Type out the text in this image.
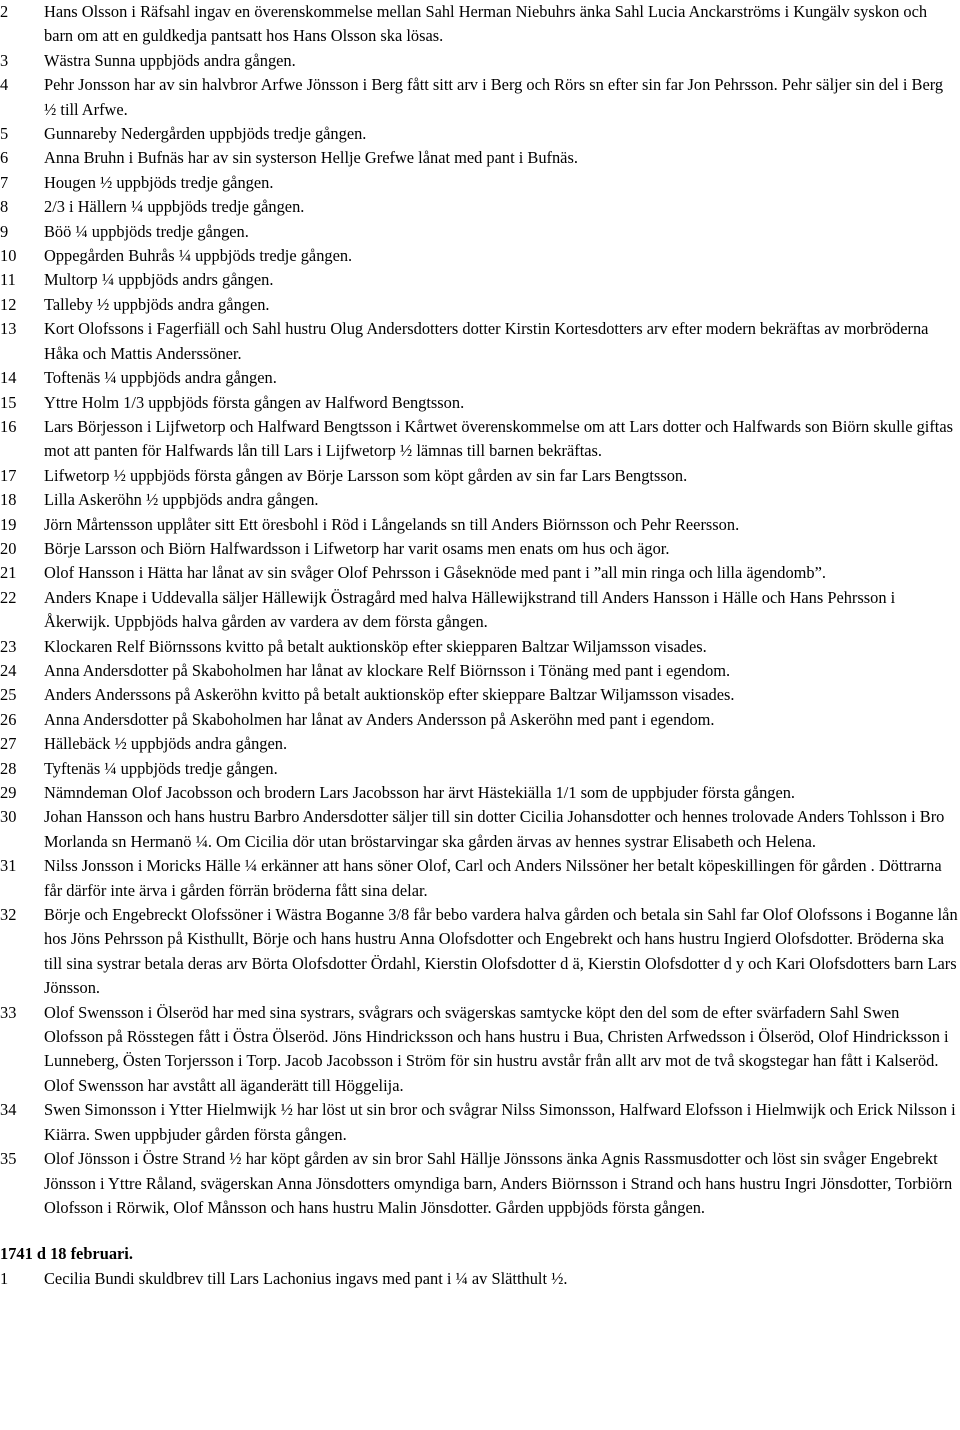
2	Hans Olsson i Räfsahl ingav en överenskommelse mellan Sahl Herman Niebuhrs änka Sahl Lucia Anckarströms i Kungälv syskon och barn om att en guldkedja pantsatt hos Hans Olsson ska lösas.
3	Wästra Sunna uppbjöds andra gången.
4	Pehr Jonsson har av sin halvbror Arfwe Jönsson i Berg fått sitt arv i Berg och Rörs sn efter sin far Jon Pehrsson. Pehr säljer sin del i Berg ½ till Arfwe.
5	Gunnareby Nedergården uppbjöds tredje gången.
6	Anna Bruhn i Bufnäs har av sin systerson Hellje Grefwe lånat med pant i Bufnäs.
7	Hougen ½ uppbjöds tredje gången.
8	2/3 i Hällern ¼ uppbjöds tredje gången.
9	Böö ¼ uppbjöds tredje gången.
10	Oppegården Buhrås ¼ uppbjöds tredje gången.
11	Multorp ¼ uppbjöds andrs gången.
12	Talleby ½ uppbjöds andra gången.
13	Kort Olofssons i Fagerfiäll och Sahl hustru Olug Andersdotters dotter Kirstin Kortesdotters arv efter modern bekräftas av morbröderna Håka och Mattis Anderssöner.
14	Toftenäs ¼ uppbjöds andra gången.
15	Yttre Holm 1/3 uppbjöds första gången av Halfword Bengtsson.
16	Lars Börjesson i Lijfwetorp och Halfward Bengtsson i Kårtwet överenskommelse om att Lars dotter och Halfwards son Biörn skulle giftas mot att panten för Halfwards lån till Lars i Lijfwetorp ½ lämnas till barnen bekräftas.
17	Lifwetorp ½ uppbjöds första gången av Börje Larsson som köpt gården av sin far Lars Bengtsson.
18	Lilla Askeröhn ½ uppbjöds andra gången.
19	Jörn Mårtensson upplåter sitt Ett öresbohl i Röd i Långelands sn till Anders Biörnsson och Pehr Reersson.
20	Börje Larsson och Biörn Halfwardsson i Lifwetorp har varit osams men enats om hus och ägor.
21	Olof Hansson i Hätta har lånat av sin svåger Olof Pehrsson i Gåseknöde med pant i ”all min ringa och lilla ägendomb”.
22	Anders Knape i Uddevalla säljer Hällewijk Östragård med halva Hällewijkstrand till Anders Hansson i Hälle och Hans Pehrsson i Åkerwijk. Uppbjöds halva gården av vardera av dem första gången.
23	Klockaren Relf Biörnssons kvitto på betalt auktionsköp efter skiepparen Baltzar Wiljamsson visades.
24	Anna Andersdotter på Skaboholmen har lånat av klockare Relf Biörnsson i Tönäng med pant i egendom.
25	Anders Anderssons på Askeröhn kvitto på betalt auktionsköp efter skieppare Baltzar Wiljamsson visades.
26	Anna Andersdotter på Skaboholmen har lånat av Anders Andersson på Askeröhn med pant i egendom.
27	Hällebäck ½ uppbjöds andra gången.
28	Tyftenäs ¼ uppbjöds tredje gången.
29	Nämndeman Olof Jacobsson och brodern Lars Jacobsson har ärvt Hästekiälla 1/1 som de uppbjuder första gången.
30	Johan Hansson och hans hustru Barbro Andersdotter säljer till sin dotter Cicilia Johansdotter och hennes trolovade Anders Tohlsson i Bro Morlanda sn Hermanö ¼. Om Cicilia dör utan bröstarvingar ska gården ärvas av hennes systrar Elisabeth och Helena.
31	Nilss Jonsson i Moricks Hälle ¼ erkänner att hans söner Olof, Carl och Anders Nilssöner her betalt köpeskillingen för gården . Döttrarna får därför inte ärva i gården förrän bröderna fått sina delar.
32	Börje och Engebreckt Olofssöner i Wästra Boganne 3/8 får bebo vardera halva gården och betala sin Sahl far Olof Olofssons i Boganne lån hos Jöns Pehrsson på Kisthullt, Börje och hans hustru Anna Olofsdotter och Engebrekt och hans hustru Ingierd Olofsdotter. Bröderna ska till sina systrar betala deras arv Börta Olofsdotter Ördahl, Kierstin Olofsdotter d ä, Kierstin Olofsdotter d y och Kari Olofsdotters barn Lars Jönsson.
33	Olof Swensson i Ölseröd har med sina systrars, svågrars och svägerskas samtycke köpt den del som de efter svärfadern Sahl Swen Olofsson på Rösstegen fått i Östra Ölseröd. Jöns Hindricksson och hans hustru i Bua, Christen Arfwedsson i Ölseröd, Olof Hindricksson i Lunneberg, Östen Torjersson i Torp. Jacob Jacobsson i Ström för sin hustru avstår från allt arv mot de två skogstegar han fått i Kalseröd. Olof Swensson har avstått all äganderätt till Höggelija.
34	Swen Simonsson i Ytter Hielmwijk ½ har löst ut sin bror och svågrar Nilss Simonsson, Halfward Elofsson i Hielmwijk och Erick Nilsson i Kiärra. Swen uppbjuder gården första gången.
35	Olof Jönsson i Östre Strand ½ har köpt gården av sin bror Sahl Hällje Jönssons änka Agnis Rassmusdotter och löst sin svåger Engebrekt Jönsson i Yttre Råland, svägerskan Anna Jönsdotters omyndiga barn, Anders Biörnsson i Strand och hans hustru Ingri Jönsdotter, Torbiörn Olofsson i Rörwik, Olof Månsson och hans hustru Malin Jönsdotter. Gården uppbjöds första gången.

1741 d 18 februari.

1	Cecilia Bundi skuldbrev till Lars Lachonius ingavs med pant i ¼ av Slätthult ½.
